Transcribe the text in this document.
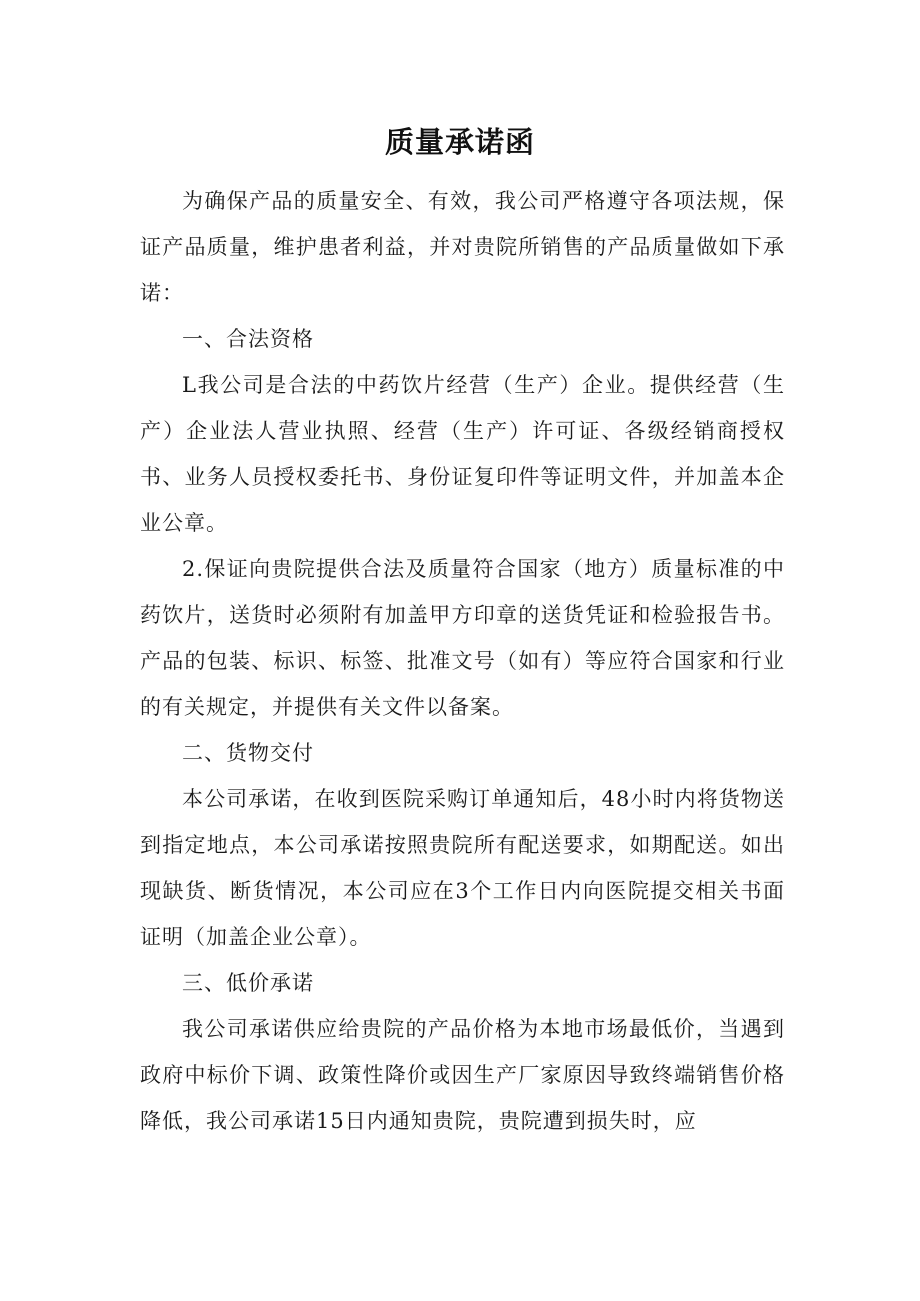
质量承诺函

为确保产品的质量安全、有效，我公司严格遵守各项法规，保证产品质量，维护患者利益，并对贵院所销售的产品质量做如下承诺：

一、合法资格

L我公司是合法的中药饮片经营（生产）企业。提供经营（生产）企业法人营业执照、经营（生产）许可证、各级经销商授权书、业务人员授权委托书、身份证复印件等证明文件，并加盖本企业公章。

2.保证向贵院提供合法及质量符合国家（地方）质量标准的中药饮片，送货时必须附有加盖甲方印章的送货凭证和检验报告书。产品的包装、标识、标签、批准文号（如有）等应符合国家和行业的有关规定，并提供有关文件以备案。

二、货物交付

本公司承诺，在收到医院采购订单通知后，48小时内将货物送到指定地点，本公司承诺按照贵院所有配送要求，如期配送。如出现缺货、断货情况，本公司应在3个工作日内向医院提交相关书面证明（加盖企业公章）。

三、低价承诺

我公司承诺供应给贵院的产品价格为本地市场最低价，当遇到政府中标价下调、政策性降价或因生产厂家原因导致终端销售价格降低，我公司承诺15日内通知贵院，贵院遭到损失时，应
